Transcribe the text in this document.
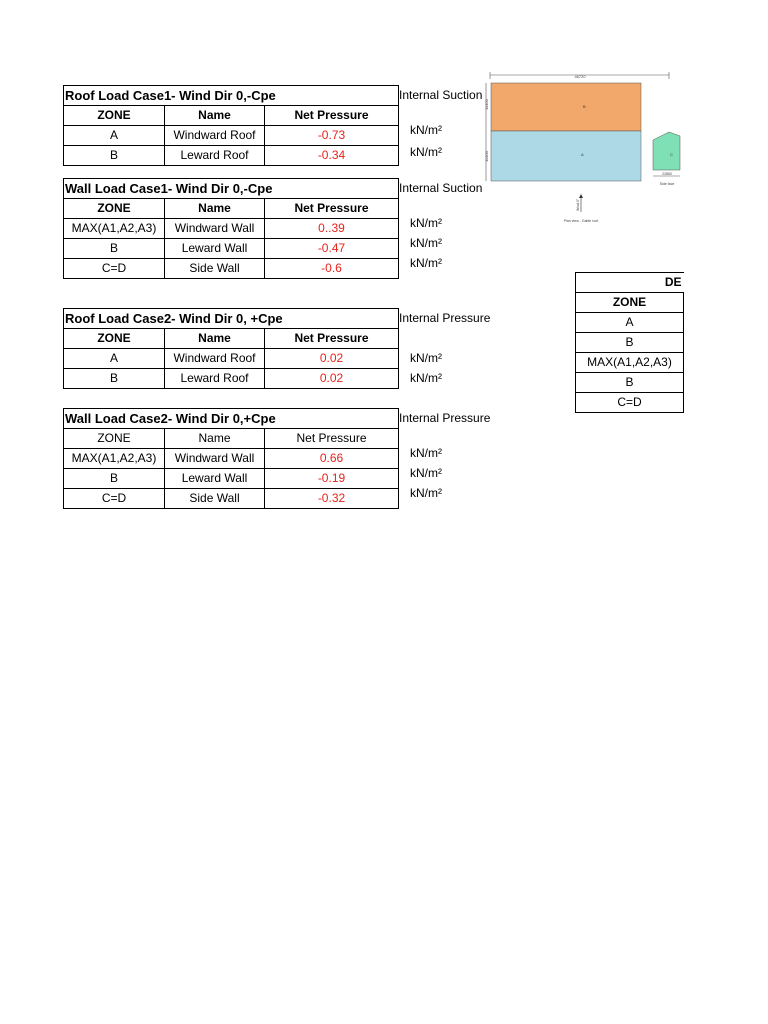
Roof Load Case1- Wind Dir 0,-Cpe		
ZONE	Name	Net Pressure
A	Windward Roof	-0.73
B	Leward Roof	-0.34
Internal Suction
kN/m²
kN/m²
Wall Load Case1- Wind Dir 0,-Cpe		
ZONE	Name	Net Pressure
MAX(A1,A2,A3)	Windward Wall	0..39
B	Leward Wall	-0.47
C=D	Side Wall	-0.6
Internal Suction
kN/m²
kN/m²
kN/m²
Roof Load Case2- Wind Dir 0, +Cpe		
ZONE	Name	Net Pressure
A	Windward Roof	0.02
B	Leward Roof	0.02
Internal Pressure
kN/m²
kN/m²
Wall Load Case2- Wind Dir 0,+Cpe		
ZONE	Name	Net Pressure
MAX(A1,A2,A3)	Windward Wall	0.66
B	Leward Wall	-0.19
C=D	Side Wall	-0.32
Internal Pressure
kN/m²
kN/m²
kN/m²
46720
11400
11400
B
A	C
22860
Side face
Wind 0°
Plan view - Gable roof
DE
ZONE
A
B
MAX(A1,A2,A3)
B
C=D
